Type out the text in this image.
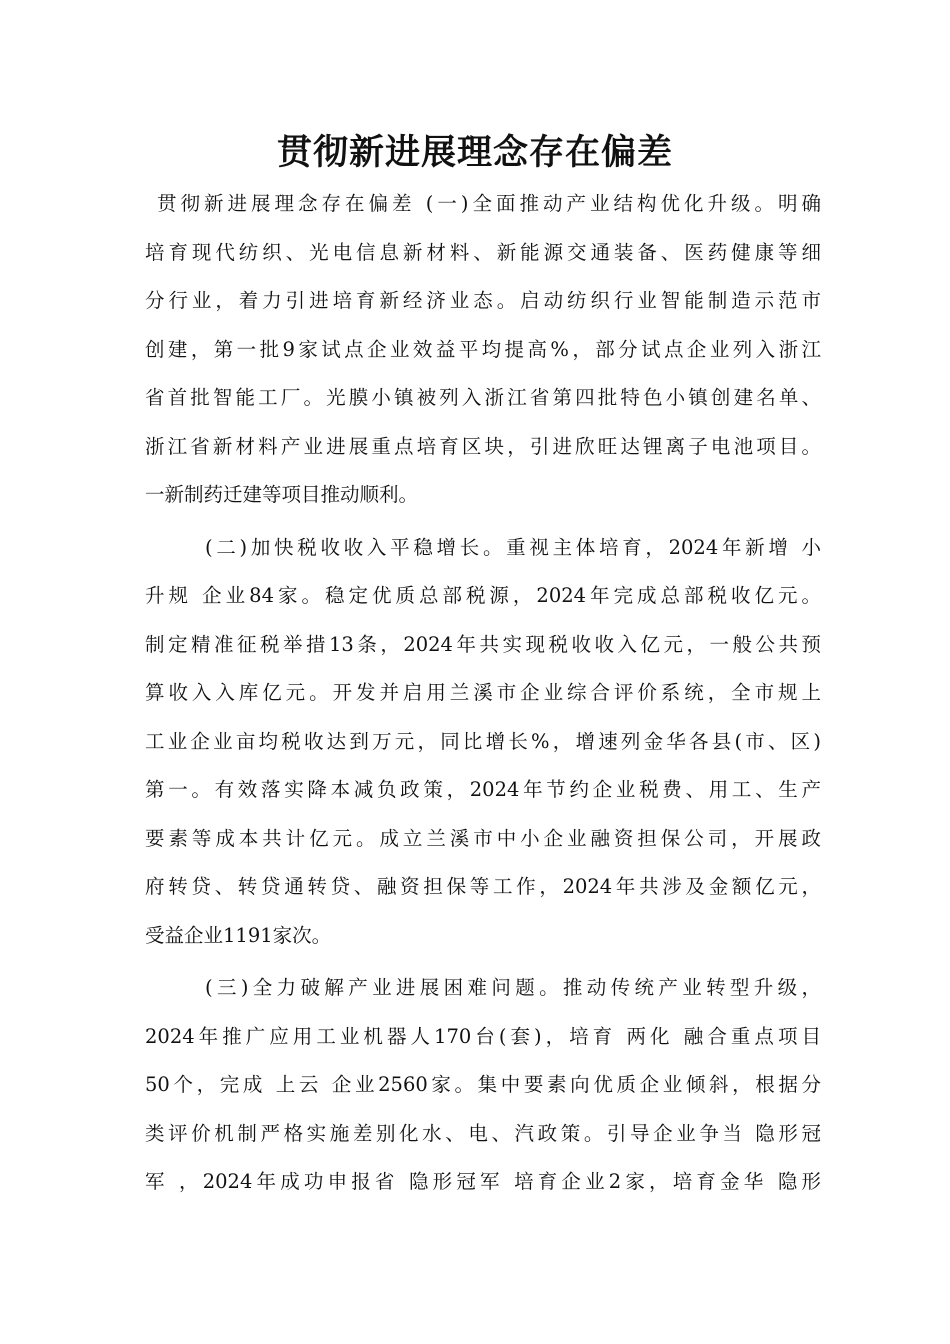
贯彻新进展理念存在偏差
贯彻新进展理念存在偏差 (一)全面推动产业结构优化升级。明确
培育现代纺织、光电信息新材料、新能源交通装备、医药健康等细
分行业，着力引进培育新经济业态。启动纺织行业智能制造示范市
创建，第一批9家试点企业效益平均提高%，部分试点企业列入浙江
省首批智能工厂。光膜小镇被列入浙江省第四批特色小镇创建名单、
浙江省新材料产业进展重点培育区块，引进欣旺达锂离子电池项目。
一新制药迁建等项目推动顺利。
(二)加快税收收入平稳增长。重视主体培育，2024年新增 小
升规 企业84家。稳定优质总部税源，2024年完成总部税收亿元。
制定精准征税举措13条，2024年共实现税收收入亿元，一般公共预
算收入入库亿元。开发并启用兰溪市企业综合评价系统，全市规上
工业企业亩均税收达到万元，同比增长%，增速列金华各县(市、区)
第一。有效落实降本减负政策，2024年节约企业税费、用工、生产
要素等成本共计亿元。成立兰溪市中小企业融资担保公司，开展政
府转贷、转贷通转贷、融资担保等工作，2024年共涉及金额亿元，
受益企业1191家次。
(三)全力破解产业进展困难问题。推动传统产业转型升级，
2024年推广应用工业机器人170台(套)，培育 两化 融合重点项目
50个，完成 上云 企业2560家。集中要素向优质企业倾斜，根据分
类评价机制严格实施差别化水、电、汽政策。引导企业争当 隐形冠
军 ，2024年成功申报省 隐形冠军 培育企业2家，培育金华 隐形
